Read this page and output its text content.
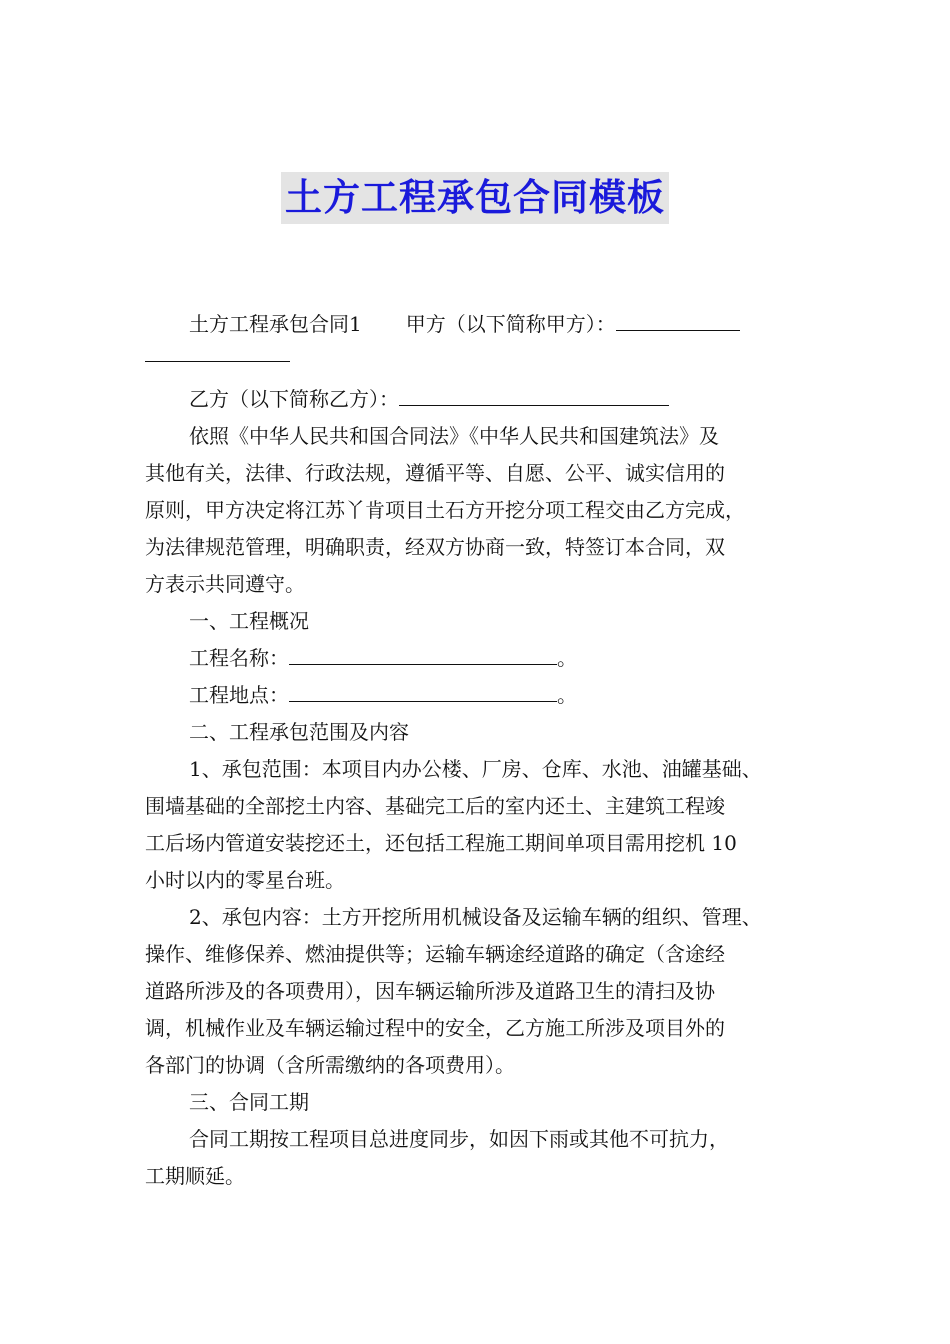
土方工程承包合同模板

土方工程承包合同1 甲方（以下简称甲方）：

乙方（以下简称乙方）：

依照《中华人民共和国合同法》《中华人民共和国建筑法》及
其他有关，法律、行政法规，遵循平等、自愿、公平、诚实信用的
原则，甲方决定将江苏丫肯项目土石方开挖分项工程交由乙方完成，
为法律规范管理，明确职责，经双方协商一致，特签订本合同，双
方表示共同遵守。

一、工程概况

工程名称：	。

工程地点：	。

二、工程承包范围及内容

1、承包范围：本项目内办公楼、厂房、仓库、水池、油罐基础、
围墙基础的全部挖土内容、基础完工后的室内还土、主建筑工程竣
工后场内管道安装挖还土，还包括工程施工期间单项目需用挖机 10
小时以内的零星台班。
2、承包内容：土方开挖所用机械设备及运输车辆的组织、管理、
操作、维修保养、燃油提供等；运输车辆途经道路的确定（含途经
道路所涉及的各项费用），因车辆运输所涉及道路卫生的清扫及协
调，机械作业及车辆运输过程中的安全，乙方施工所涉及项目外的
各部门的协调（含所需缴纳的各项费用）。

三、合同工期

合同工期按工程项目总进度同步，如因下雨或其他不可抗力，
工期顺延。
